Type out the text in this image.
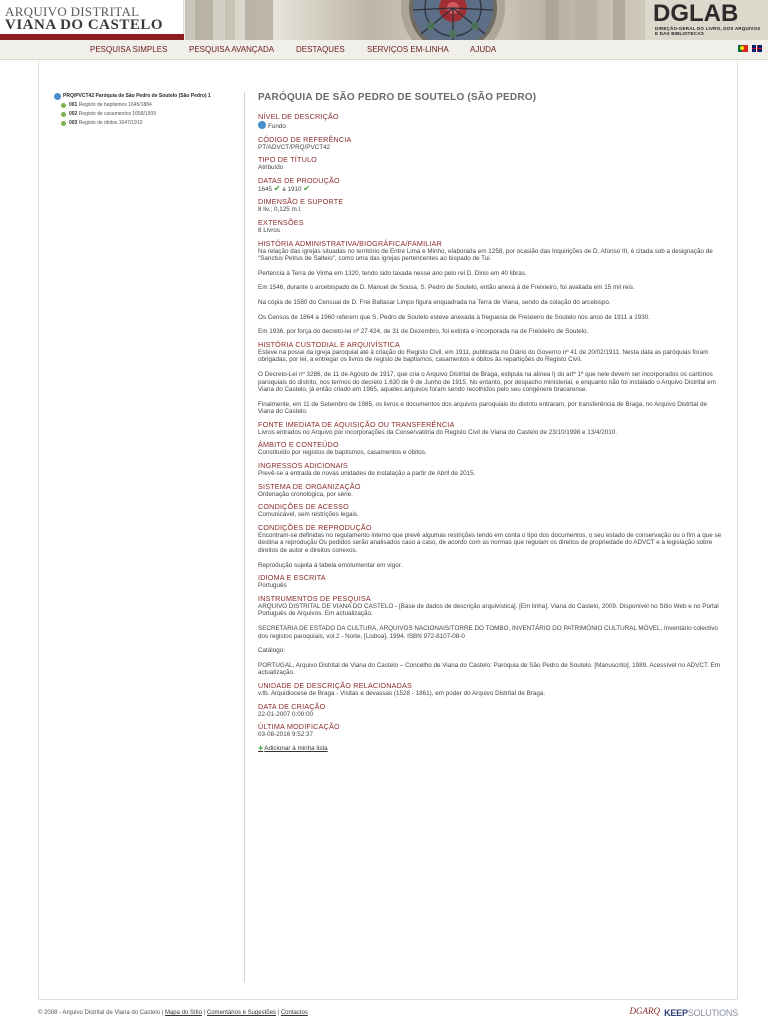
ARQUIVO DISTRITAL
VIANA DO CASTELO	DGLAB
DIREÇÃO-GERAL DO LIVRO, DOS ARQUIVOS E DAS BIBLIOTECAS
PESQUISA SIMPLES	PESQUISA AVANÇADA	DESTAQUES	SERVIÇOS EM-LINHA	AJUDA
PRQ/PVCT42 Paróquia de São Pedro de Soutelo (São Pedro) 1
001 Registo de baptismos 1645/1884
002 Registo de casamentos 1658/1909
003 Registo de óbitos 1647/1910
PARÓQUIA DE SÃO PEDRO DE SOUTELO (SÃO PEDRO)
NÍVEL DE DESCRIÇÃO
Fundo
CÓDIGO DE REFERÊNCIA
PT/ADVCT/PRQ/PVCT42
TIPO DE TÍTULO
Atribuído
DATAS DE PRODUÇÃO
1645 ✔ a 1910 ✔
DIMENSÃO E SUPORTE
8 liv.; 0,125 m.l.
EXTENSÕES
8 Livros
HISTÓRIA ADMINISTRATIVA/BIOGRÁFICA/FAMILIAR

Na relação das igrejas situadas no território de Entre Lima e Minho, elaborada em 1258, por ocasião das Inquirições de D. Afonso III, é citada sob a designação de "Sanctus Petrus de Salteio", como uma das igrejas pertencentes ao bispado de Tui.

Pertencia à Terra de Vinha em 1320, tendo sido taxada nesse ano pelo rei D. Dinis em 40 libras.

Em 1546, durante o arcebispado de D. Manuel de Sousa, S. Pedro de Soutelo, então anexa à de Freixieiro, foi avaliada em 15 mil reis.

Na cópia de 1580 do Censual de D. Frei Baltasar Limpo figura enquadrada na Terra de Viana, sendo da colação do arcebispo.

Os Censos de 1864 a 1960 referem que S. Pedro de Soutelo esteve anexada à freguesia de Freixieiro de Soutelo nos anos de 1911 a 1930.

Em 1936, por força do decreto-lei nº 27 424, de 31 de Dezembro, foi extinta e incorporada na de Freixieiro de Soutelo.

HISTÓRIA CUSTODIAL E ARQUIVÍSTICA

Esteve na posse da igreja paroquial até à criação do Registo Civil, em 1911, publicada no Diário do Governo nº 41 de 20/02/1911. Nesta data as paróquias foram obrigadas, por lei, a entregar os livros de registo de baptismos, casamentos e óbitos às repartições do Registo Civil.

O Decreto-Lei nº 3286, de 11 de Agosto de 1917, que cria o Arquivo Distrital de Braga, estipula na alínea l) do artº 1º que nele devem ser incorporados os cartórios paroquiais do distrito, nos termos do decreto 1.630 de 9 de Junho de 1915. No entanto, por despacho ministerial, e enquanto não foi instalado o Arquivo Distrital em Viana do Castelo, já então criado em 1965, aqueles arquivos foram sendo recolhidos pelo seu congénere bracarense.

Finalmente, em 11 de Setembro de 1985, os livros e documentos dos arquivos paroquiais do distrito entraram, por transferência de Braga, no Arquivo Distrital de Viana do Castelo.

FONTE IMEDIATA DE AQUISIÇÃO OU TRANSFERÊNCIA
Livros entrados no Arquivo por incorporações da Conservatória do Registo Civil de Viana do Castelo de 23/10/1998 e 13/4/2010.
ÂMBITO E CONTEÚDO
Constituído por registos de baptismos, casamentos e óbitos.
INGRESSOS ADICIONAIS
Prevê-se a entrada de novas unidades de instalação a partir de Abril de 2015.
SISTEMA DE ORGANIZAÇÃO
Ordenação cronológica, por série.
CONDIÇÕES DE ACESSO
Comunicável, sem restrições legais.
CONDIÇÕES DE REPRODUÇÃO

Encontram-se definidas no regulamento interno que prevê algumas restrições tendo em conta o tipo dos documentos, o seu estado de conservação ou o fim a que se destina a reprodução Os pedidos serão analisados caso a caso, de acordo com as normas que regulam os direitos de propriedade do ADVCT e a legislação sobre direitos de autor e direitos conexos.

Reprodução sujeita à tabela emolumentar em vigor.

IDIOMA E ESCRITA
Português
INSTRUMENTOS DE PESQUISA

ARQUIVO DISTRITAL DE VIANA DO CASTELO - [Base de dados de descrição arquivística]. [Em linha]. Viana do Castelo, 2009. Disponível no Sítio Web e no Portal Português de Arquivos. Em actualização.

SECRETARIA DE ESTADO DA CULTURA, ARQUIVOS NACIONAIS/TORRE DO TOMBO, INVENTÁRIO DO PATRIMÓNIO CULTURAL MÓVEL, Inventário colectivo dos registos paroquiais, vol.2 - Norte, [Lisboa], 1994. ISBN 972-8107-08-0

Catálogo:

PORTUGAL, Arquivo Distrital de Viana do Castelo – Concelho de Viana do Castelo: Paróquia de São Pedro de Soutelo. [Manuscrito], 1989. Acessível no ADVCT. Em actualização.

UNIDADE DE DESCRIÇÃO RELACIONADAS
v.tb. Arquidiocese de Braga - Visitas e devassas (1528 - 1861), em poder do Arquivo Distrital de Braga.
DATA DE CRIAÇÃO
22-01-2007 0:00:00
ÚLTIMA MODIFICAÇÃO
03-08-2016 9:52:37
+Adicionar à minha lista
© 2008 - Arquivo Distrital de Viana do Castelo | Mapa do Sítio | Comentários e Sugestões | Contactos	DGARQ KEEPSOLUTIONS
